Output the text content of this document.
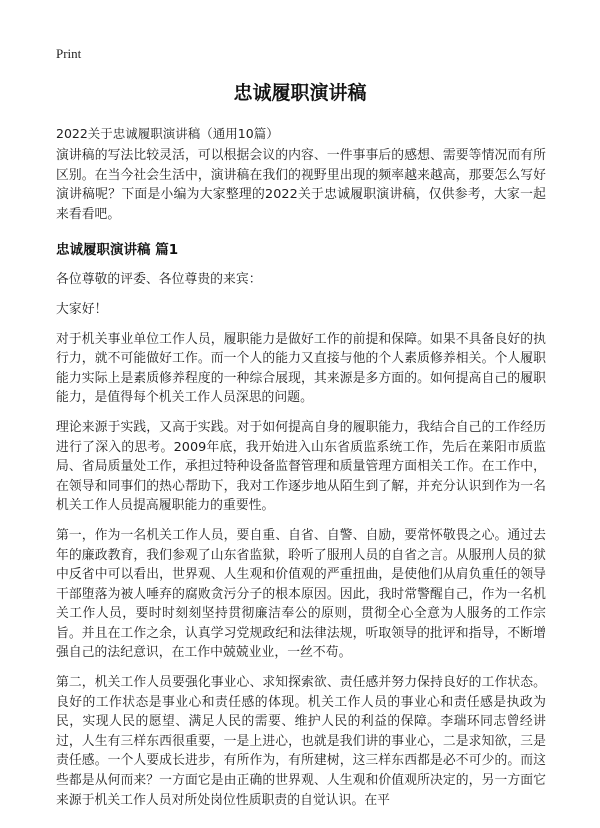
Print
忠诚履职演讲稿
2022关于忠诚履职演讲稿（通用10篇）

演讲稿的写法比较灵活，可以根据会议的内容、一件事事后的感想、需要等情况而有所区别。在当今社会生活中，演讲稿在我们的视野里出现的频率越来越高，那要怎么写好演讲稿呢？下面是小编为大家整理的2022关于忠诚履职演讲稿，仅供参考，大家一起来看看吧。

忠诚履职演讲稿 篇1

各位尊敬的评委、各位尊贵的来宾：

大家好！

对于机关事业单位工作人员，履职能力是做好工作的前提和保障。如果不具备良好的执行力，就不可能做好工作。而一个人的能力又直接与他的个人素质修养相关。个人履职能力实际上是素质修养程度的一种综合展现，其来源是多方面的。如何提高自己的履职能力，是值得每个机关工作人员深思的问题。

理论来源于实践，又高于实践。对于如何提高自身的履职能力，我结合自己的工作经历进行了深入的思考。2009年底，我开始进入山东省质监系统工作，先后在莱阳市质监局、省局质量处工作，承担过特种设备监督管理和质量管理方面相关工作。在工作中，在领导和同事们的热心帮助下，我对工作逐步地从陌生到了解，并充分认识到作为一名机关工作人员提高履职能力的重要性。

第一，作为一名机关工作人员，要自重、自省、自警、自励，要常怀敬畏之心。通过去年的廉政教育，我们参观了山东省监狱，聆听了服刑人员的自省之言。从服刑人员的狱中反省中可以看出，世界观、人生观和价值观的严重扭曲，是使他们从肩负重任的领导干部堕落为被人唾弃的腐败贪污分子的根本原因。因此，我时常警醒自己，作为一名机关工作人员，要时时刻刻坚持贯彻廉洁奉公的原则，贯彻全心全意为人服务的工作宗旨。并且在工作之余，认真学习党规政纪和法律法规，听取领导的批评和指导，不断增强自己的法纪意识，在工作中兢兢业业，一丝不苟。

第二，机关工作人员要强化事业心、求知探索欲、责任感并努力保持良好的工作状态。良好的工作状态是事业心和责任感的体现。机关工作人员的事业心和责任感是执政为民，实现人民的愿望、满足人民的需要、维护人民的利益的保障。李瑞环同志曾经讲过，人生有三样东西很重要，一是上进心，也就是我们讲的事业心，二是求知欲，三是责任感。一个人要成长进步，有所作为，有所建树，这三样东西都是必不可少的。而这些都是从何而来？一方面它是由正确的世界观、人生观和价值观所决定的，另一方面它来源于机关工作人员对所处岗位性质职责的自觉认识。在平
